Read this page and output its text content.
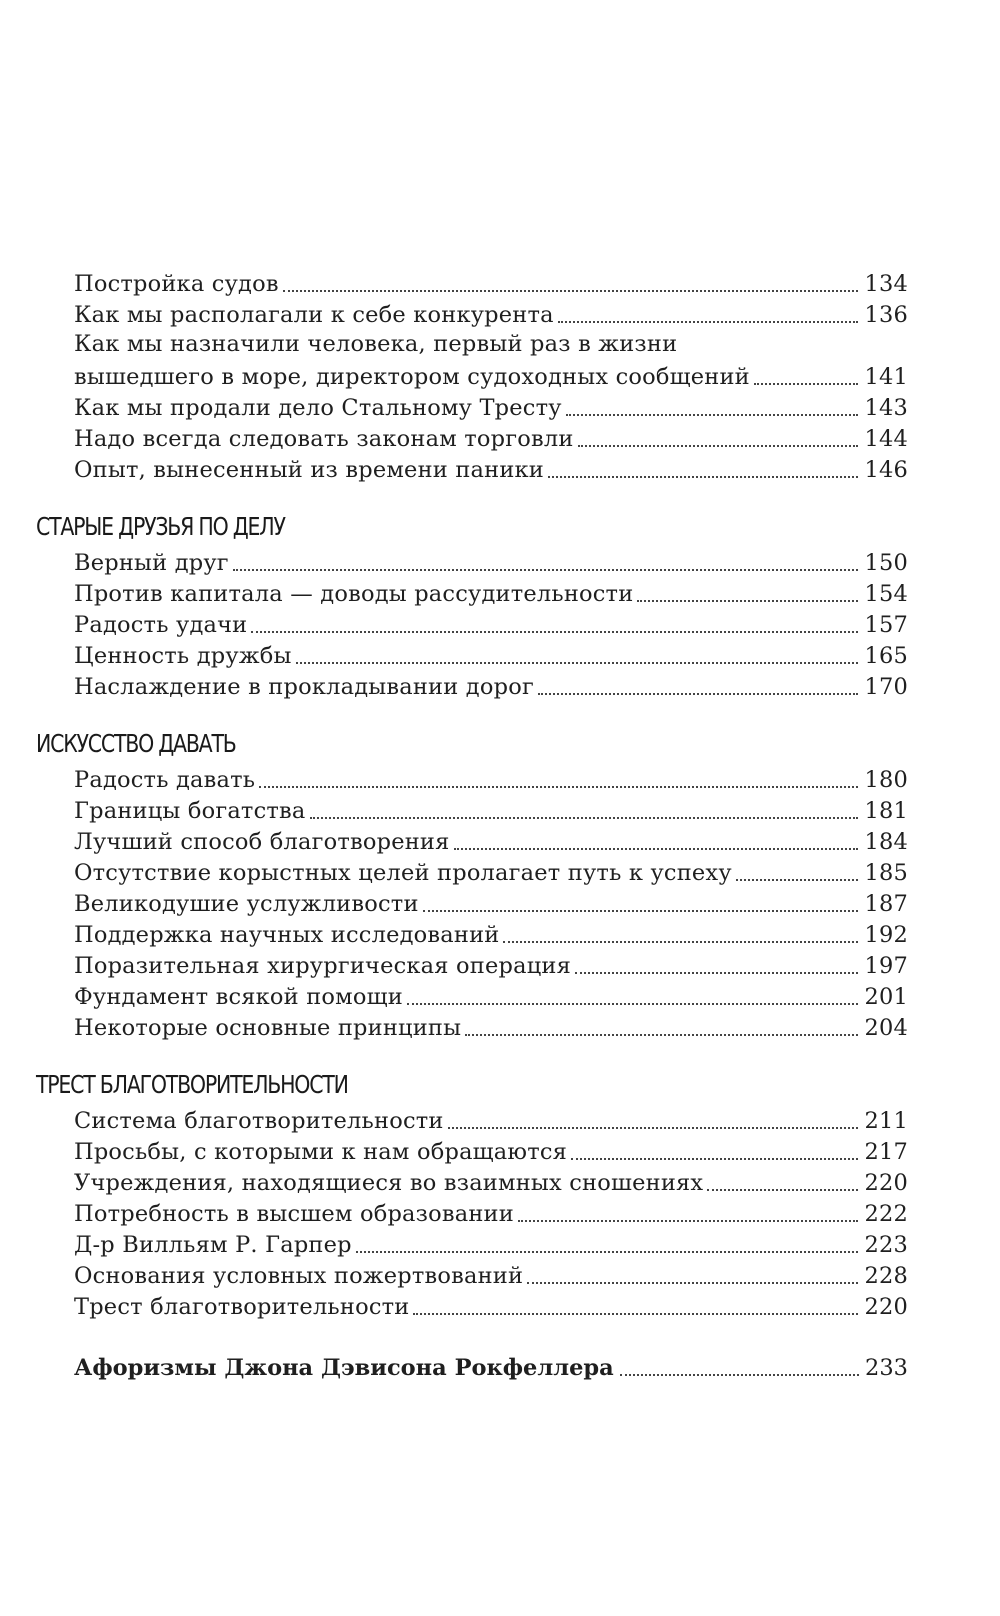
Постройка судов	134
Как мы располагали к себе конкурента	136
Как мы назначили человека, первый раз в жизни
вышедшего в море, директором судоходных сообщений	141
Как мы продали дело Стальному Тресту	143
Надо всегда следовать законам торговли	144
Опыт, вынесенный из времени паники	146
СТАРЫЕ ДРУЗЬЯ ПО ДЕЛУ
Верный друг	150
Против капитала — доводы рассудительности	154
Радость удачи	157
Ценность дружбы	165
Наслаждение в прокладывании дорог	170
ИСКУССТВО ДАВАТЬ
Радость давать	180
Границы богатства	181
Лучший способ благотворения	184
Отсутствие корыстных целей пролагает путь к успеху	185
Великодушие услужливости	187
Поддержка научных исследований	192
Поразительная хирургическая операция	197
Фундамент всякой помощи	201
Некоторые основные принципы	204
ТРЕСТ БЛАГОТВОРИТЕЛЬНОСТИ
Система благотворительности	211
Просьбы, с которыми к нам обращаются	217
Учреждения, находящиеся во взаимных сношениях	220
Потребность в высшем образовании	222
Д-р Вилльям Р. Гарпер	223
Основания условных пожертвований	228
Трест благотворительности	220
Афоризмы Джона Дэвисона Рокфеллера	233
